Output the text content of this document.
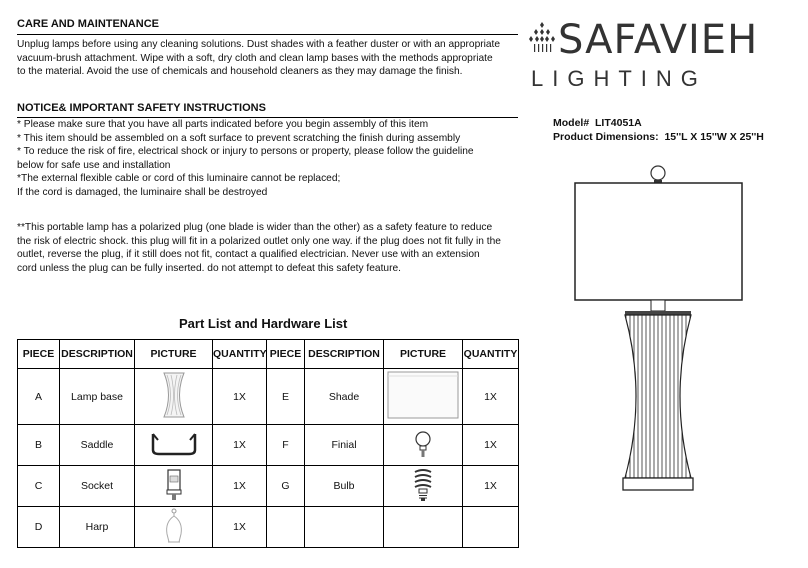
CARE AND MAINTENANCE
Unplug lamps before using any cleaning solutions. Dust shades with a feather duster or with an appropriate
vacuum-brush attachment. Wipe with a soft, dry cloth and clean lamp bases with the methods appropriate
to the material. Avoid the use of chemicals and household cleaners as they may damage the finish.
NOTICE& IMPORTANT SAFETY INSTRUCTIONS
* Please make sure that you have all parts indicated before you begin assembly of this item
* This item should be assembled on a soft surface to prevent scratching the finish during assembly
* To reduce the risk of fire, electrical shock or injury to persons or property, please follow the guideline
below for safe use and installation
*The external flexible cable or cord of this luminaire cannot be replaced;
If the cord is damaged, the luminaire shall be destroyed
**This portable lamp has a polarized plug (one blade is wider than the other) as a safety feature to reduce
the risk of electric shock. this plug will fit in a polarized outlet only one way. if the plug does not fit fully in the
outlet, reverse the plug, if it still does not fit, contact a qualified electrician. Never use with an extension
cord unless the plug can be fully inserted. do not attempt to defeat this safety feature.
SAFAVIEH
LIGHTING
Model# LIT4051A
Product Dimensions: 15''L X 15''W X 25''H
Part List and Hardware List
PIECE	DESCRIPTION	PICTURE	QUANTITY	PIECE	DESCRIPTION	PICTURE	QUANTITY
A	Lamp base		1X	E	Shade		1X
B	Saddle		1X	F	Finial		1X
C	Socket		1X	G	Bulb		1X
D	Harp		1X				
